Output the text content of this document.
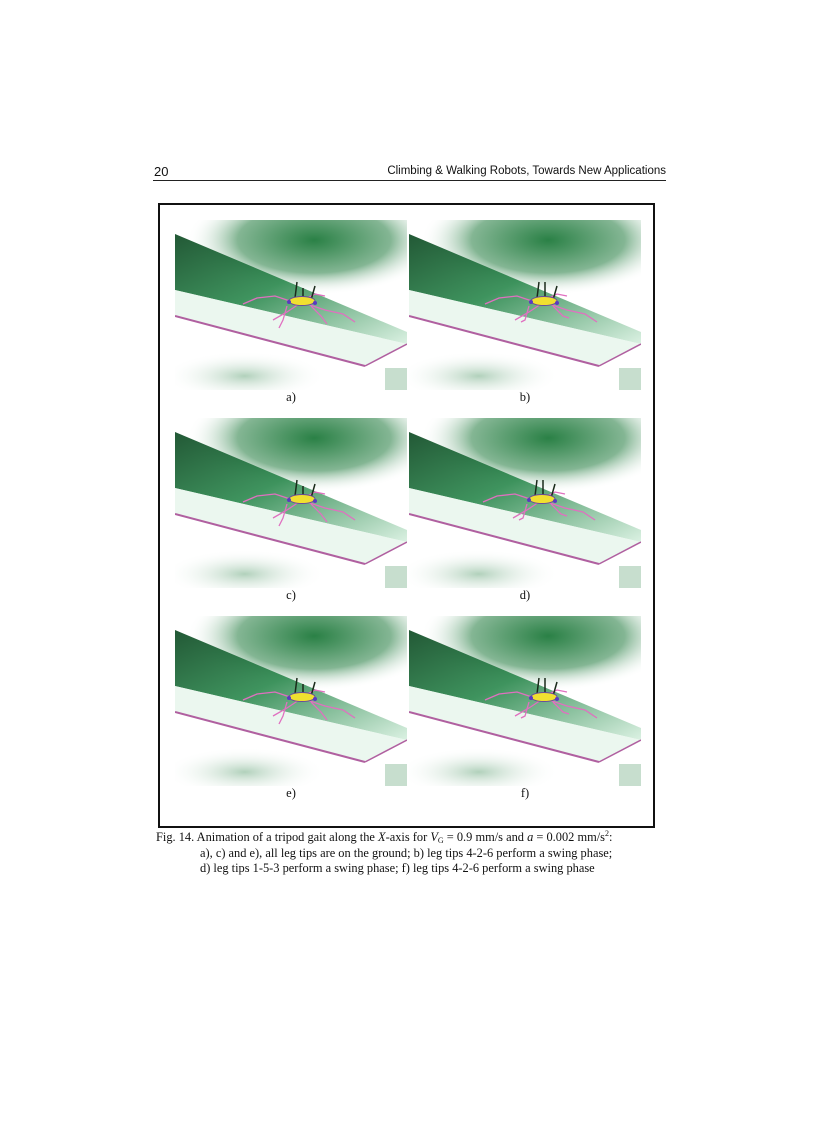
20	Climbing & Walking Robots, Towards New Applications
a)	b)
c)	d)
e)	f)
Fig. 14. Animation of a tripod gait along the X-axis for $V_G = 0.9$ mm/s and a = 0.002 $mm/s^2$:
a), c) and e), all leg tips are on the ground; b) leg tips 4-2-6 perform a swing phase;
d) leg tips 1-5-3 perform a swing phase; f) leg tips 4-2-6 perform a swing phase
